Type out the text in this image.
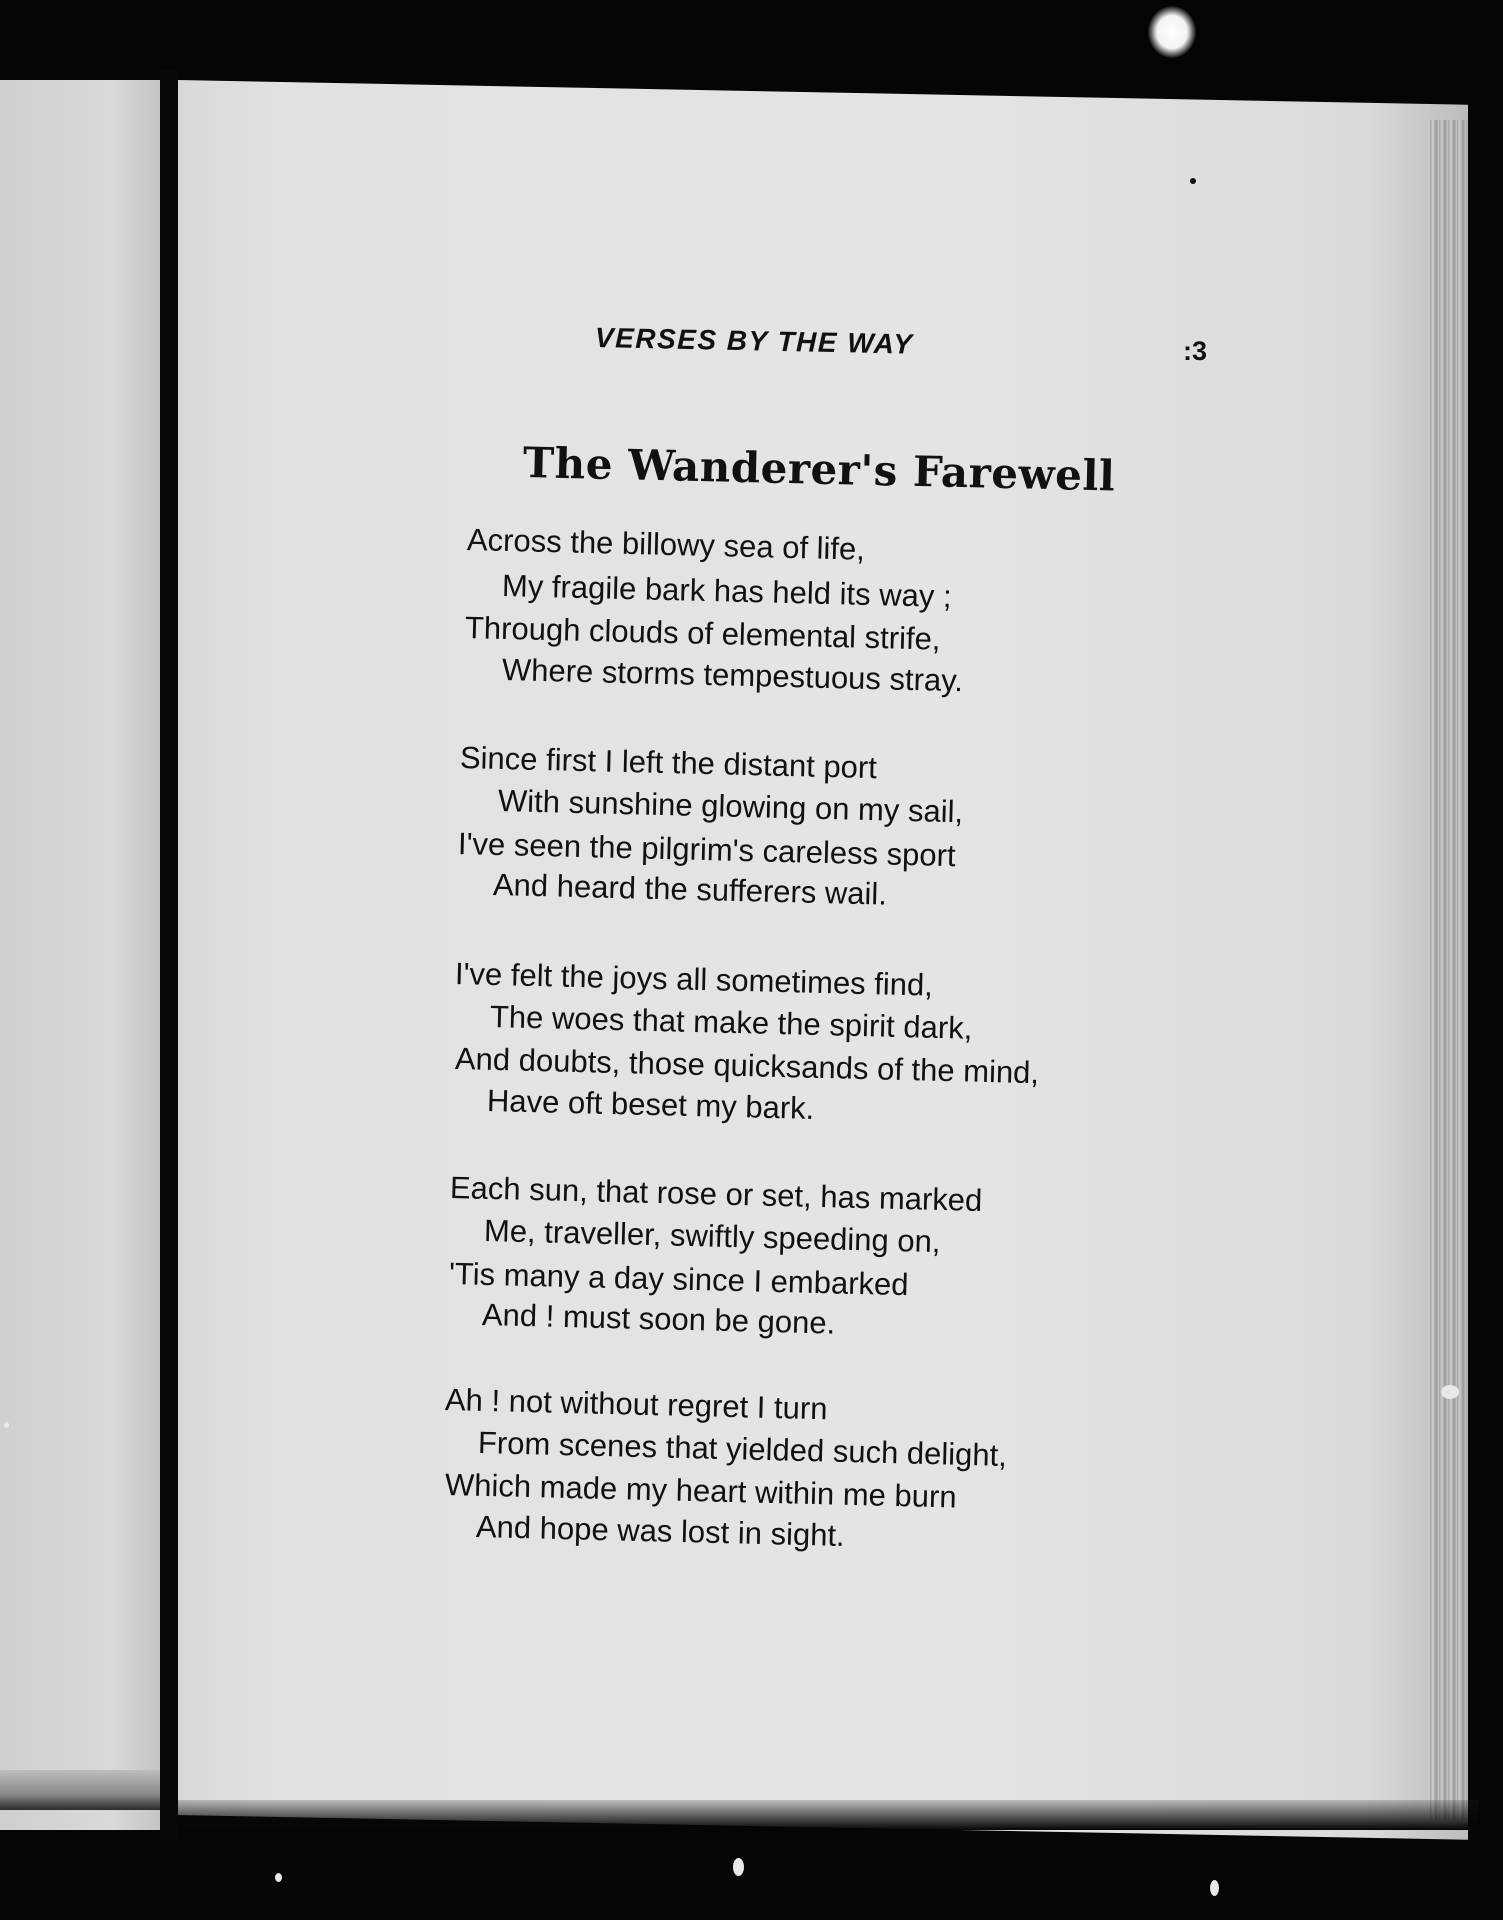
VERSES BY THE WAY	:3
The Wanderer's Farewell
Across the billowy sea of life,
My fragile bark has held its way ;
Through clouds of elemental strife,
Where storms tempestuous stray.
Since first I left the distant port
With sunshine glowing on my sail,
I've seen the pilgrim's careless sport
And heard the sufferers wail.
I've felt the joys all sometimes find,
The woes that make the spirit dark,
And doubts, those quicksands of the mind,
Have oft beset my bark.
Each sun, that rose or set, has marked
Me, traveller, swiftly speeding on,
'Tis many a day since I embarked
And ! must soon be gone.
Ah ! not without regret I turn
From scenes that yielded such delight,
Which made my heart within me burn
And hope was lost in sight.
